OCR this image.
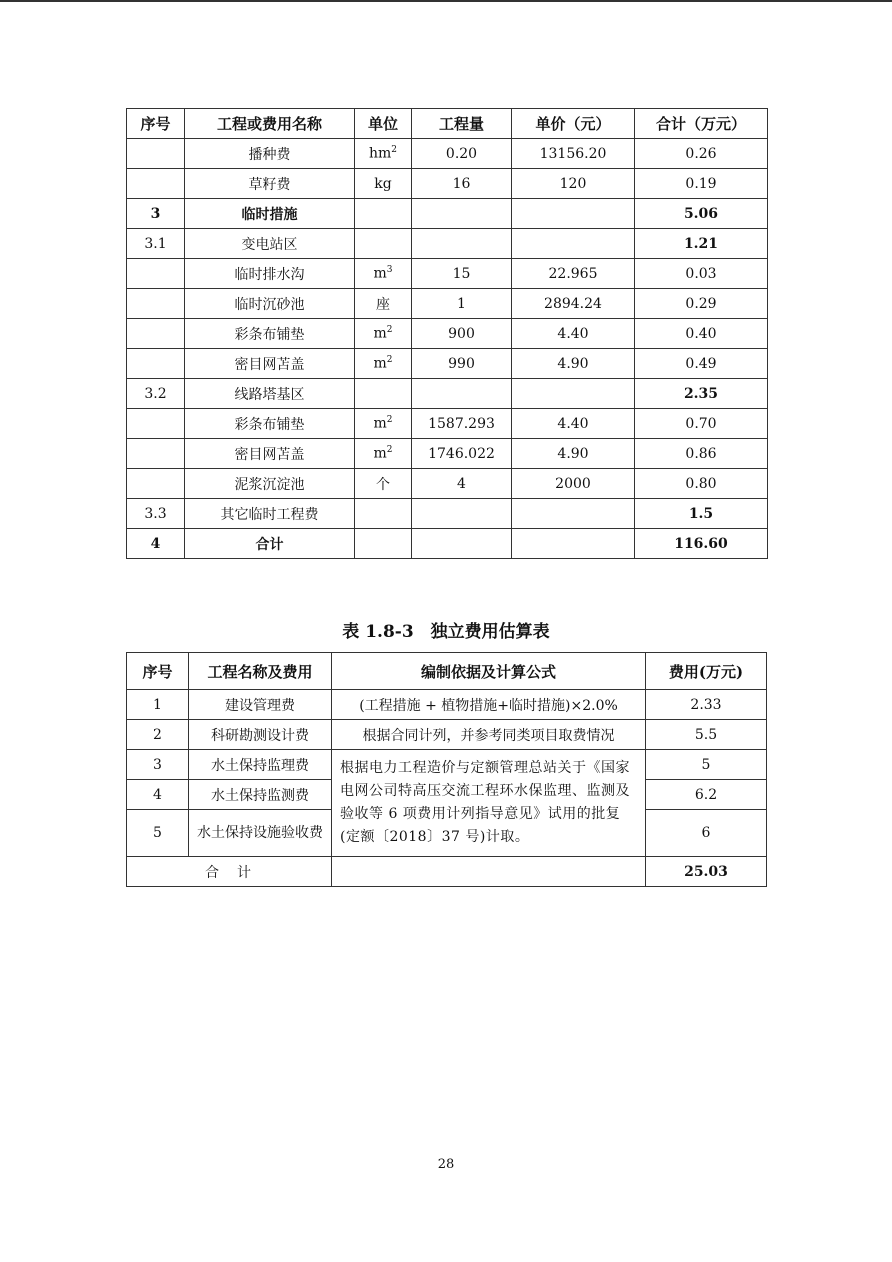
序号	工程或费用名称	单位	工程量	单价（元）	合计（万元）
	播种费	$hm^2$	0.20	13156.20	0.26
	草籽费	kg	16	120	0.19
3	临时措施				5.06
3.1	变电站区				1.21
	临时排水沟	$m^3$	15	22.965	0.03
	临时沉砂池	座	1	2894.24	0.29
	彩条布铺垫	$m^2$	900	4.40	0.40
	密目网苫盖	$m^2$	990	4.90	0.49
3.2	线路塔基区				2.35
	彩条布铺垫	$m^2$	1587.293	4.40	0.70
	密目网苫盖	$m^2$	1746.022	4.90	0.86
	泥浆沉淀池	个	4	2000	0.80
3.3	其它临时工程费				1.5
4	合计				116.60
表 1.8-3　独立费用估算表
序号	工程名称及费用	编制依据及计算公式	费用(万元)
1	建设管理费	(工程措施 + 植物措施+临时措施)×2.0%	2.33
2	科研勘测设计费	根据合同计列，并参考同类项目取费情况	5.5
3	水土保持监理费	根据电力工程造价与定额管理总站关于《国家电网公司特高压交流工程环水保监理、监测及验收等 6 项费用计列指导意见》试用的批复 (定额〔2018〕37 号)计取。	5
4	水土保持监测费		6.2
5	水土保持设施验收费		6
合　计			25.03
28
